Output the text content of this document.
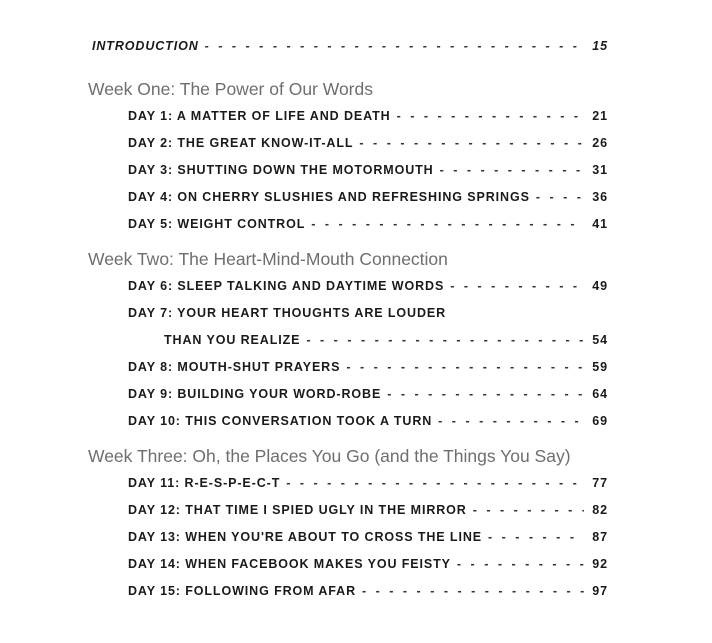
INTRODUCTION - - -	15
Week One: The Power of Our Words
DAY 1: A MATTER OF LIFE AND DEATH - - -	21
DAY 2: THE GREAT KNOW-IT-ALL - - -	26
DAY 3: SHUTTING DOWN THE MOTORMOUTH - - -	31
DAY 4: ON CHERRY SLUSHIES AND REFRESHING SPRINGS - - -	36
DAY 5: WEIGHT CONTROL - - -	41
Week Two: The Heart-Mind-Mouth Connection
DAY 6: SLEEP TALKING AND DAYTIME WORDS - - -	49
DAY 7: YOUR HEART THOUGHTS ARE LOUDER
THAN YOU REALIZE - - -	54
DAY 8: MOUTH-SHUT PRAYERS - - -	59
DAY 9: BUILDING YOUR WORD-ROBE - - -	64
DAY 10: THIS CONVERSATION TOOK A TURN - - -	69
Week Three: Oh, the Places You Go (and the Things You Say)
DAY 11: R-E-S-P-E-C-T - - -	77
DAY 12: THAT TIME I SPIED UGLY IN THE MIRROR - - -	82
DAY 13: WHEN YOU'RE ABOUT TO CROSS THE LINE - - -	87
DAY 14: WHEN FACEBOOK MAKES YOU FEISTY - - -	92
DAY 15: FOLLOWING FROM AFAR - - -	97
